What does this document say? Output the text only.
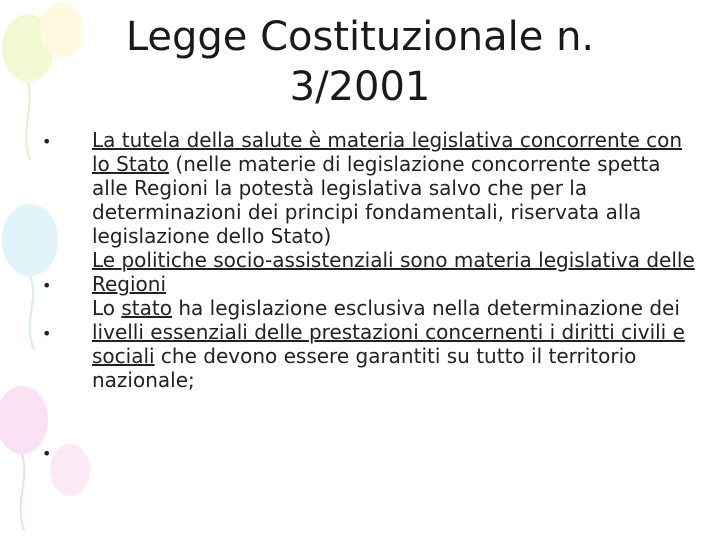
Legge Costituzionale n.
3/2001
•
•
•
•

La tutela della salute è materia legislativa concorrente con lo Stato (nelle materie di legislazione concorrente spetta alle Regioni la potestà legislativa salvo che per la determinazioni dei principi fondamentali, riservata alla legislazione dello Stato)

Le politiche socio-assistenziali sono materia legislativa delle Regioni

Lo stato ha legislazione esclusiva nella determinazione dei livelli essenziali delle prestazioni concernenti i diritti civili e sociali che devono essere garantiti su tutto il territorio nazionale;
